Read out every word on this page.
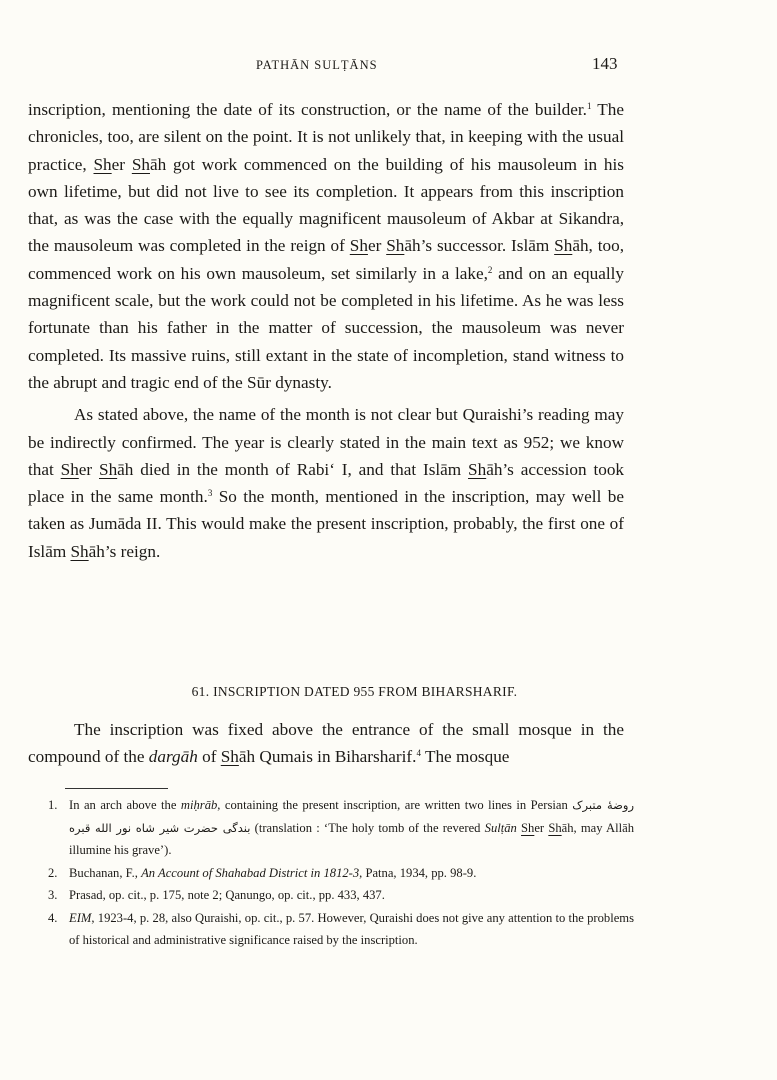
PATHĀN SULṬĀNS	143

inscription, mentioning the date of its construction, or the name of the builder.$^1$ The chronicles, too, are silent on the point. It is not unlikely that, in keeping with the usual practice, Sher Shāh got work commenced on the building of his mausoleum in his own lifetime, but did not live to see its completion. It appears from this inscription that, as was the case with the equally magnificent mausoleum of Akbar at Sikandra, the mausoleum was completed in the reign of Sher Shāh’s successor. Islām Shāh, too, commenced work on his own mausoleum, set similarly in a lake,$^2$ and on an equally magnificent scale, but the work could not be completed in his lifetime. As he was less fortunate than his father in the matter of succession, the mausoleum was never completed. Its massive ruins, still extant in the state of incompletion, stand witness to the abrupt and tragic end of the Sūr dynasty.

As stated above, the name of the month is not clear but Quraishi’s reading may be indirectly confirmed. The year is clearly stated in the main text as 952; we know that Sher Shāh died in the month of Rabi‘ I, and that Islām Shāh’s accession took place in the same month.$^3$ So the month, mentioned in the inscription, may well be taken as Jumāda II. This would make the present inscription, probably, the first one of Islām Shāh’s reign.

61. INSCRIPTION DATED 955 FROM BIHARSHARIF.

The inscription was fixed above the entrance of the small mosque in the compound of the dargāh of Shāh Qumais in Biharsharif.$^4$ The mosque

1. In an arch above the miḥrāb, containing the present inscription, are written two lines in Persian روضهٔ متبرک بندگی حضرت شیر شاه نور الله قبره (translation : ‘The holy tomb of the revered Sulṭān Sher Shāh, may Allāh illumine his grave’).
2. Buchanan, F., An Account of Shahabad District in 1812-3, Patna, 1934, pp. 98-9.
3. Prasad, op. cit., p. 175, note 2; Qanungo, op. cit., pp. 433, 437.
4. EIM, 1923-4, p. 28, also Quraishi, op. cit., p. 57. However, Quraishi does not give any attention to the problems of historical and administrative significance raised by the inscription.
